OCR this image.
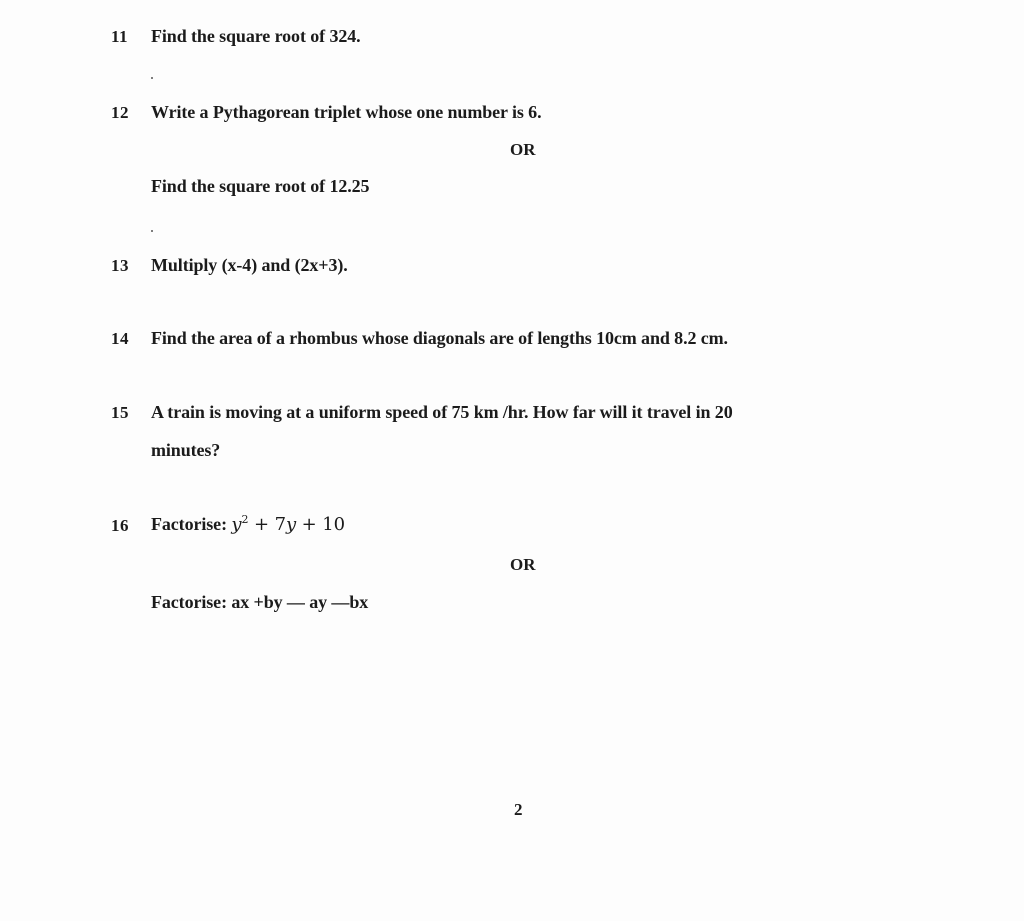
11 Find the square root of 324.
12 Write a Pythagorean triplet whose one number is 6.
OR
Find the square root of 12.25
13 Multiply (x-4) and (2x+3).
14 Find the area of a rhombus whose diagonals are of lengths 10cm and 8.2 cm.
15 A train is moving at a uniform speed of 75 km /hr. How far will it travel in 20
minutes?
16 Factorise: $y^2 + 7y + 10$
OR
Factorise: ax +by — ay —bx
2
